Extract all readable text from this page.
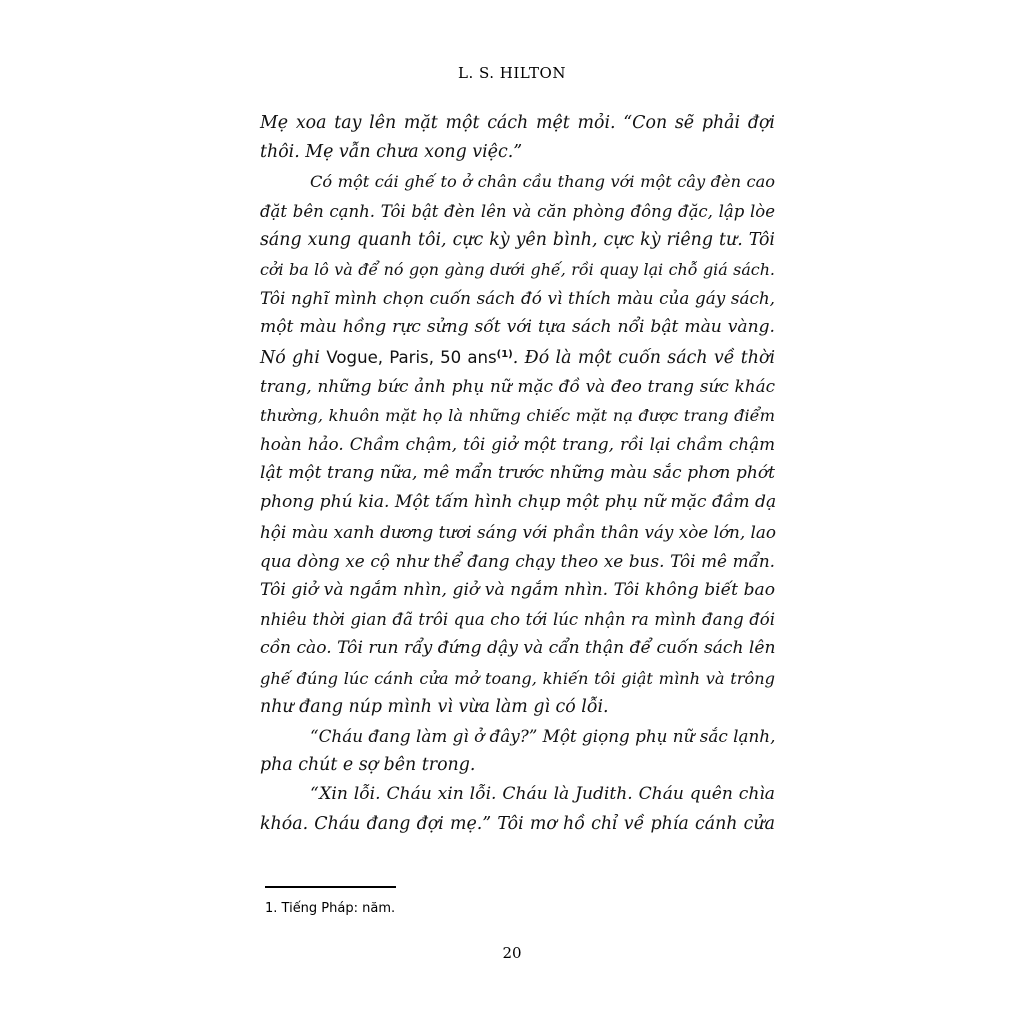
L. S. HILTON
Mẹ xoa tay lên mặt một cách mệt mỏi. “Con sẽ phải đợi
thôi. Mẹ vẫn chưa xong việc.”
Có một cái ghế to ở chân cầu thang với một cây đèn cao
đặt bên cạnh. Tôi bật đèn lên và căn phòng đông đặc, lập lòe
sáng xung quanh tôi, cực kỳ yên bình, cực kỳ riêng tư. Tôi
cởi ba lô và để nó gọn gàng dưới ghế, rồi quay lại chỗ giá sách.
Tôi nghĩ mình chọn cuốn sách đó vì thích màu của gáy sách,
một màu hồng rực sửng sốt với tựa sách nổi bật màu vàng.
Nó ghi Vogue, Paris, 50 ans$^{(1)}$. Đó là một cuốn sách về thời
trang, những bức ảnh phụ nữ mặc đồ và đeo trang sức khác
thường, khuôn mặt họ là những chiếc mặt nạ được trang điểm
hoàn hảo. Chầm chậm, tôi giở một trang, rồi lại chầm chậm
lật một trang nữa, mê mẩn trước những màu sắc phơn phớt
phong phú kia. Một tấm hình chụp một phụ nữ mặc đầm dạ
hội màu xanh dương tươi sáng với phần thân váy xòe lớn, lao
qua dòng xe cộ như thể đang chạy theo xe bus. Tôi mê mẩn.
Tôi giở và ngắm nhìn, giở và ngắm nhìn. Tôi không biết bao
nhiêu thời gian đã trôi qua cho tới lúc nhận ra mình đang đói
cồn cào. Tôi run rẩy đứng dậy và cẩn thận để cuốn sách lên
ghế đúng lúc cánh cửa mở toang, khiến tôi giật mình và trông
như đang núp mình vì vừa làm gì có lỗi.
“Cháu đang làm gì ở đây?” Một giọng phụ nữ sắc lạnh,
pha chút e sợ bên trong.
“Xin lỗi. Cháu xin lỗi. Cháu là Judith. Cháu quên chìa
khóa. Cháu đang đợi mẹ.” Tôi mơ hồ chỉ về phía cánh cửa
1. Tiếng Pháp: năm.
20
